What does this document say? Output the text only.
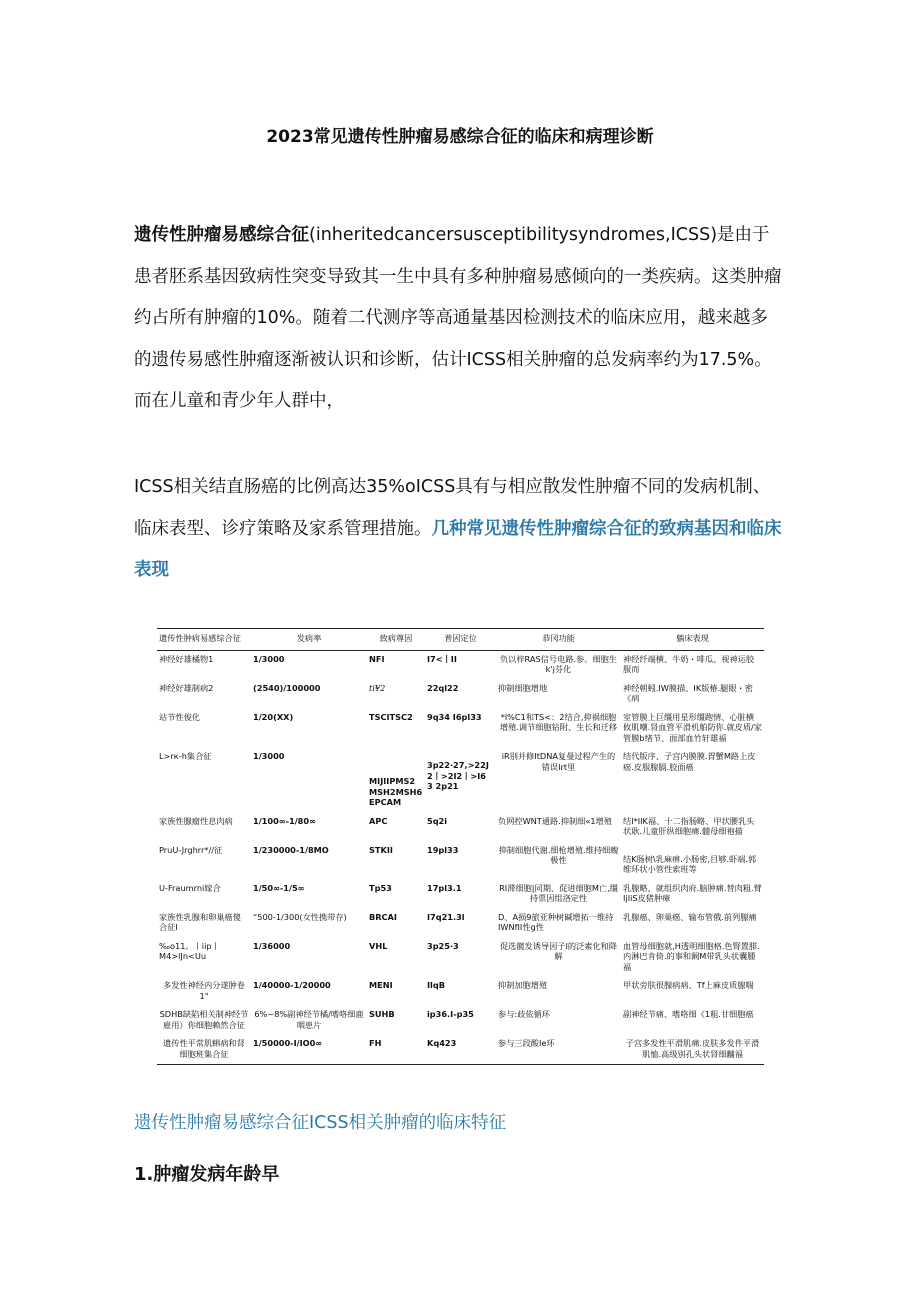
2023常见遗传性肿瘤易感综合征的临床和病理诊断

遗传性肿瘤易感综合征(inheritedcancersusceptibilitysyndromes,ICSS)是由于患者胚系基因致病性突变导致其一生中具有多种肿瘤易感倾向的一类疾病。这类肿瘤约占所有肿瘤的10%。随着二代测序等高通量基因检测技术的临床应用，越来越多的遗传易感性肿瘤逐渐被认识和诊断，估计ICSS相关肿瘤的总发病率约为17.5%。而在儿童和青少年人群中，

ICSS相关结直肠癌的比例高达35%oICSS具有与相应散发性肿瘤不同的发病机制、临床表型、诊疗策略及家系管理措施。几种常见遗传性肿瘤综合征的致病基因和临床表现

遗传性肿病易感综合征	发病率	致病尊因	普因定位	恭冈功能	躺床表现
神经好雄橘物1	1/3000	NFI	I7<丨II	负以梓RAS信号电路.参。细胞生k'j芬化	神经纤端横、牛奶・啡瓜、视神运胶服而
神经好雄制病2	(2540)/100000	ti¥2	22ql22	抑制细胞增地	神经朝蚓.IW膜描、IK版椿.腿眼・密《病
站节性俊化	1/20(XX)	TSCITSC2	9q34 I6pl33	*l%C1和TS<：2结合,抑祸细胞增殖.调节细胞钻附、生长和迁移	室管膜上巨缰用星形缰跑情、心脏横攸肌嘲.肾血管平滑机舶防你.就皮质/家管膜b绪节、面部血竹轩雄福
L>rк-h集合征	1/3000	MIJIIPMS2 MSH2MSH6 EPCAM	3p22·27,>22J 2丨>2I2丨>I6 3 2p21	iR别并修ItDNA复曼过程产生的错误Irt里	结代版序、子宫内膜膜.胃蟹M路上皮癌.皮服腺膈.胶面癌
家族性腺瘤性息肉病	1/100∞-1/80∞	APC	5q2i	负网控WNT通路.抑制细«1增殖	结I*IIK福、十二指肠略、甲状腰乳头状耿.儿童肝纵细胞痛.髓母细袍描
PruU-Jrghrr*//征	1/230000-1/8MO	STKII	19pl33	抑制细胞代谢.细枪增殖.维持细蝮极性	结K肠树\乳麻痹.小肠密,目够.虾端.郭维环状小管性索班等
U-Fraumrni嫁合	1/50∞-1/5∞	Tp53	17pl3.1	RI滞细胞|同期、促进细胞M亡,缰持票因组洛定性	乳腺略，就组织肉府.脑肿痛.替肉粗.臂IjIiS皮猪肿瘴
家族性乳腺和卵巢癌傻合征I	“500-1/300(女性携带存)	BRCAI	I7q21.3l	D、A损9旅亚种树碱增拓一维持IWNfII性g性	乳腺癌、卵巢癌、输布管俄.前列腺痛
‰o11。丨iip丨M4>lJn<Uu	1/36000	VHL	3p25·3	促选髋发诱导因子I的泛素化和降解	血管母细胞就,H透明细胞格.色腎置腓.内淋巴肯倚.的事和阚M带乳头状囊腫福
多发性神经内分遂肿卷1"	1/40000-1/20000	MENI	IlqB	抑制加胞增殖	甲状旁肤很腺病病、Tf上麻皮质腺喘
SDHB缺陷相关制神经节雇用）你细胞赖然合征	6%~8%副神经节橘/嗜咯细鹿咽患片	SUHB	ip36.I-p35	参与:歧依循环	副神经节痛、嗜咯细《1粗.甘细胞癌
遗传性平常肌蝌病和肾细胞班集合征	1/50000-I/IO0∞	FH	Kq423	参与三段酸Ie环	子宫多发性平滑肌痛.皮肤多发件平滑肌恤.高级别孔头状肾细黼福
遗传性肿瘤易感综合征ICSS相关肿瘤的临床特征
1.肿瘤发病年龄早
